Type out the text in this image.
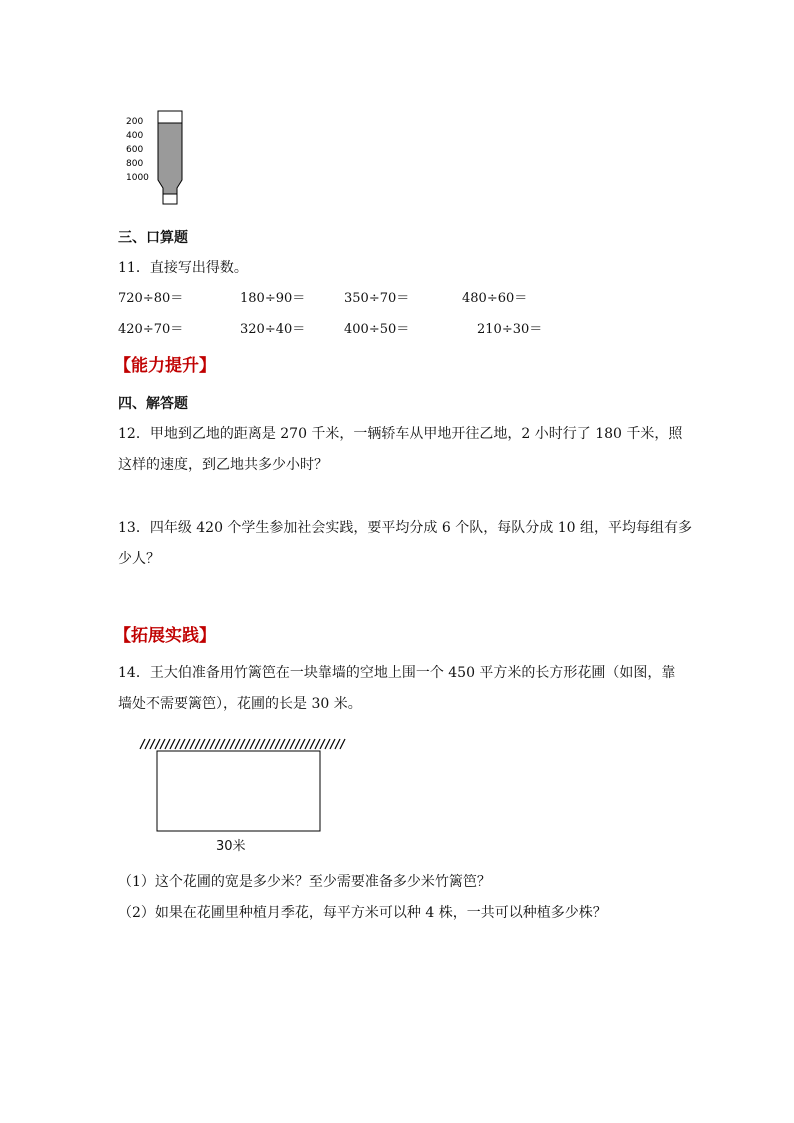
200
400
600
800
1000
三、口算题
11．直接写出得数。
720÷80＝	180÷90＝	350÷70＝	480÷60＝
420÷70＝	320÷40＝	400÷50＝	210÷30＝
【能力提升】
四、解答题
12．甲地到乙地的距离是 270 千米，一辆轿车从甲地开往乙地，2 小时行了 180 千米，照
这样的速度，到乙地共多少小时？
13．四年级 420 个学生参加社会实践，要平均分成 6 个队，每队分成 10 组，平均每组有多
少人？
【拓展实践】
14．王大伯准备用竹篱笆在一块靠墙的空地上围一个 450 平方米的长方形花圃（如图，靠
墙处不需要篱笆），花圃的长是 30 米。
30米
（1）这个花圃的宽是多少米？至少需要准备多少米竹篱笆？
（2）如果在花圃里种植月季花，每平方米可以种 4 株，一共可以种植多少株？
